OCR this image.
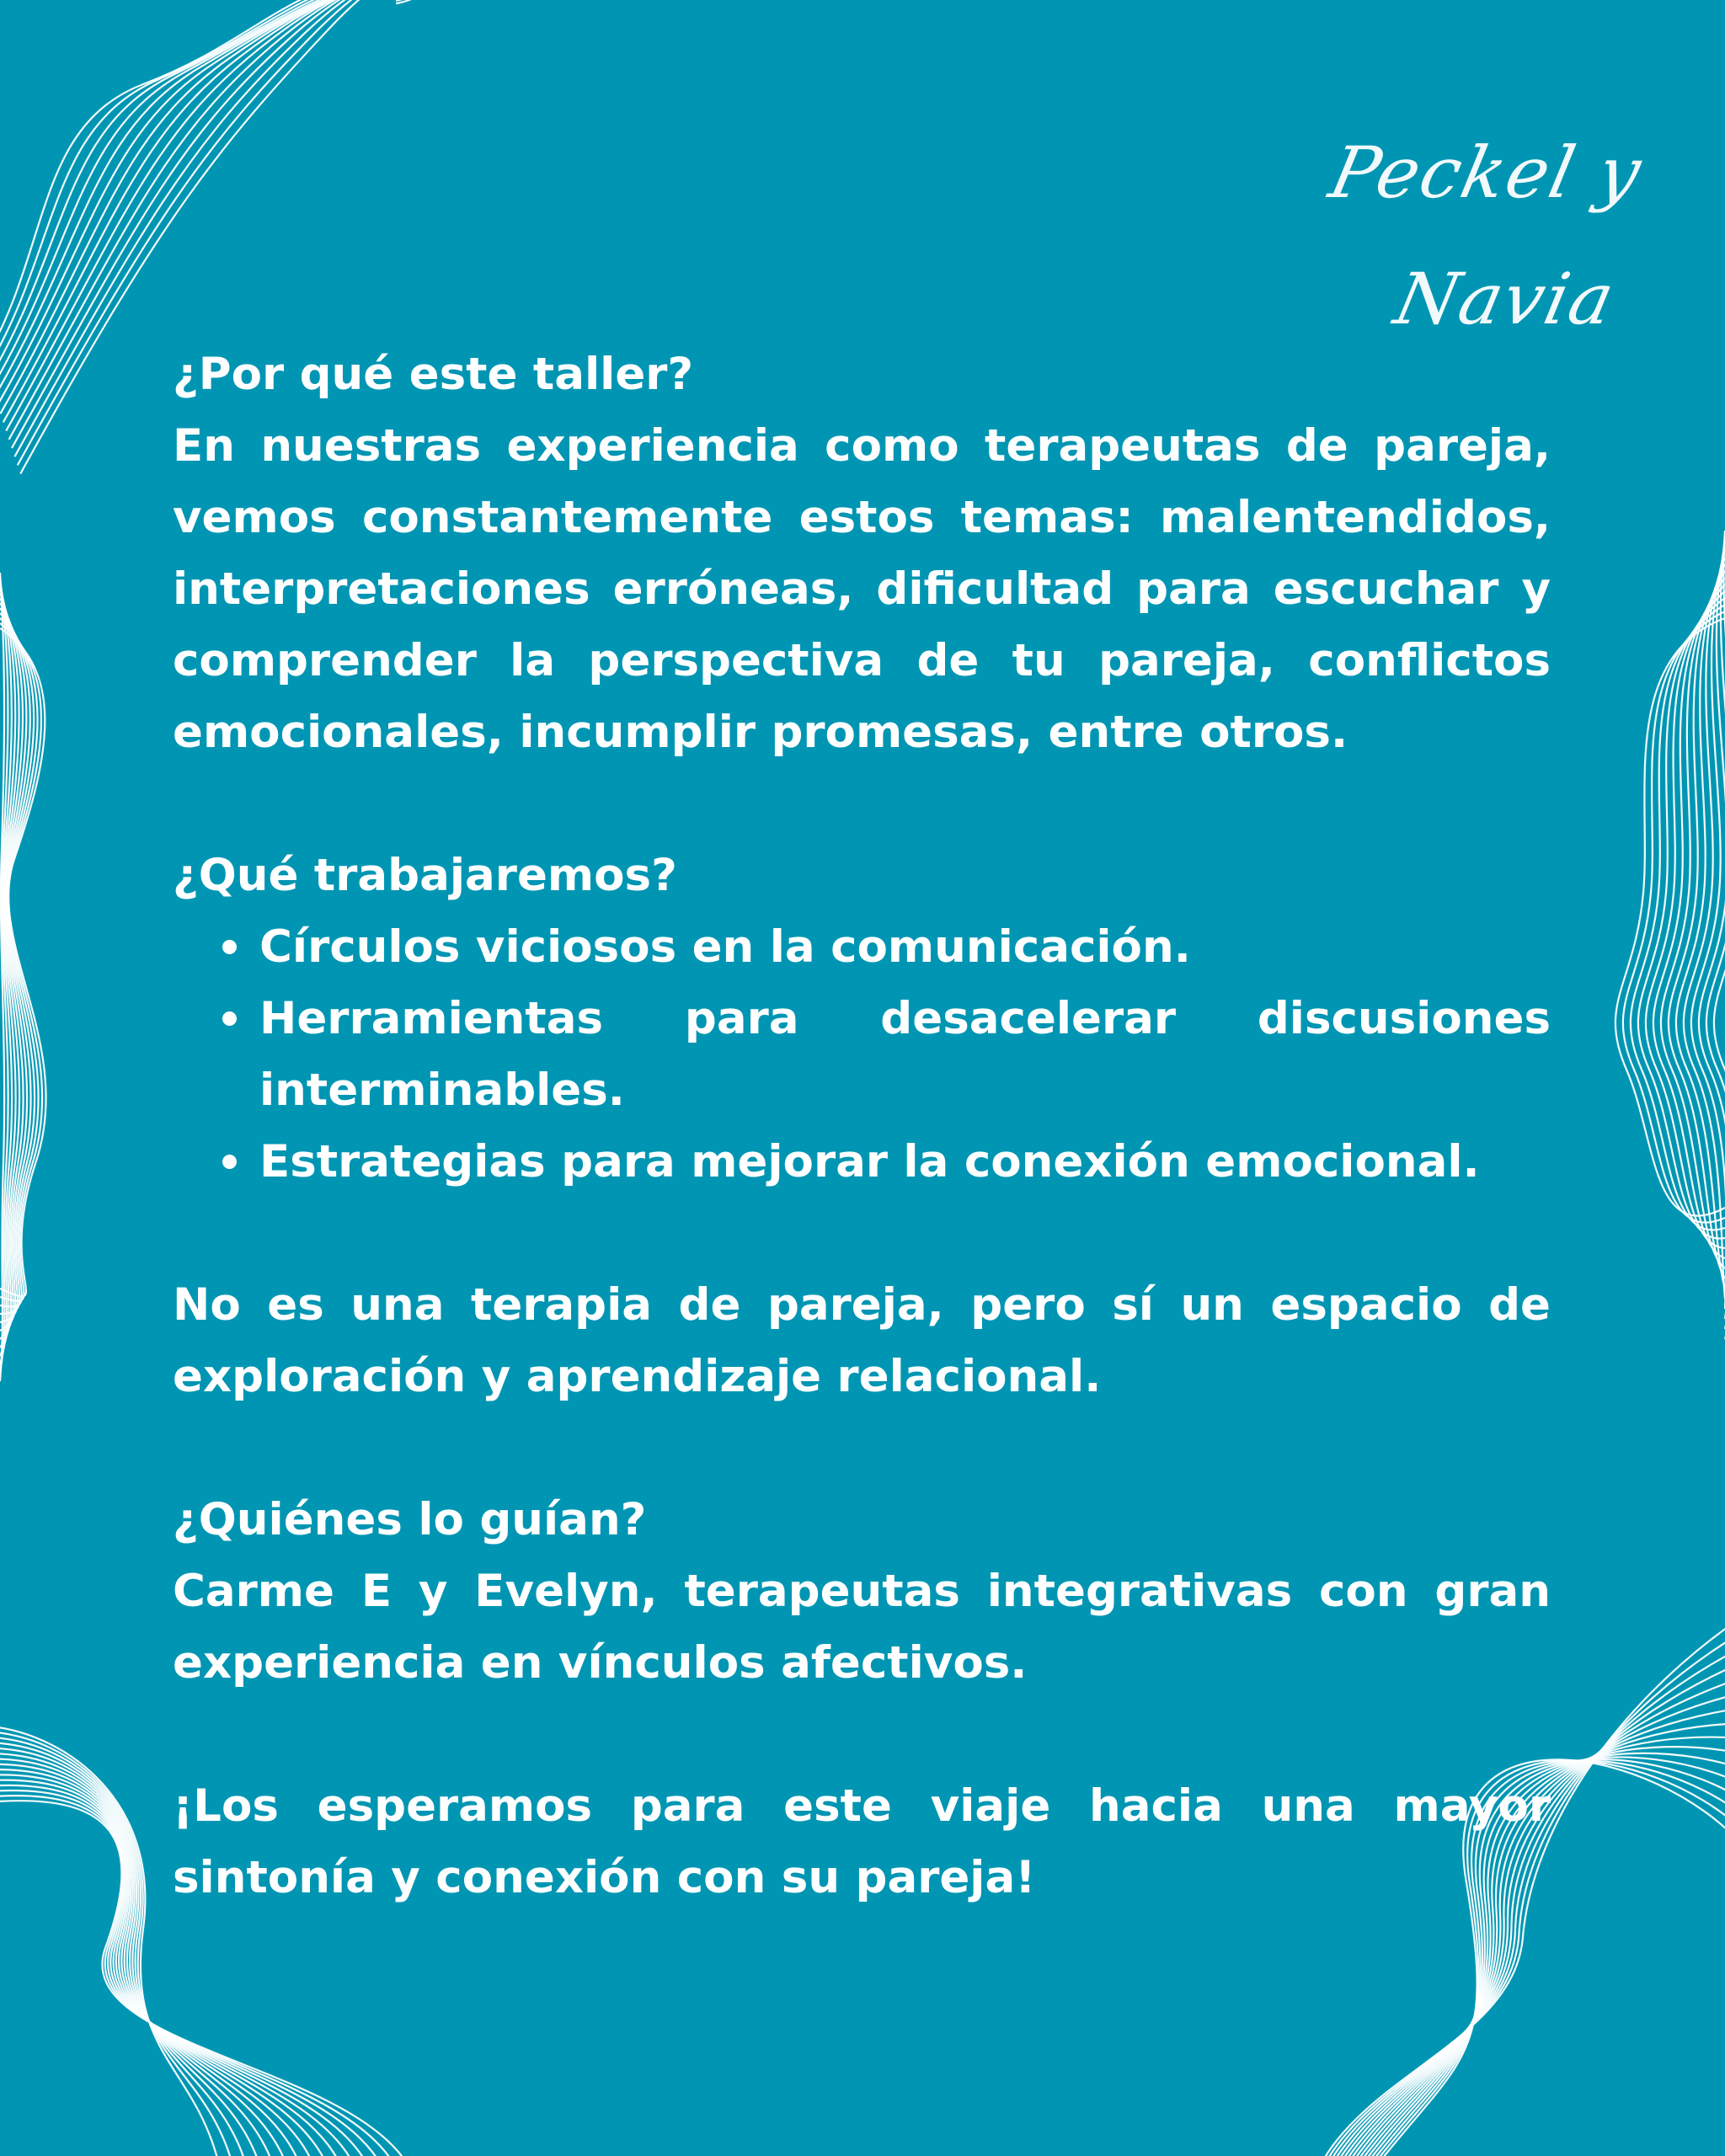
Peckel y Navia
¿Por qué este taller?

En nuestras experiencia como terapeutas de pareja, vemos constantemente estos temas: malentendidos, interpretaciones erróneas, dificultad para escuchar y comprender la perspectiva de tu pareja, conflictos emocionales, incumplir promesas, entre otros.

¿Qué trabajaremos?
Círculos viciosos en la comunicación.
Herramientas para desacelerar discusiones interminables.
Estrategias para mejorar la conexión emocional.

No es una terapia de pareja, pero sí un espacio de exploración y aprendizaje relacional.

¿Quiénes lo guían?

Carme E y Evelyn, terapeutas integrativas con gran experiencia en vínculos afectivos.

¡Los esperamos para este viaje hacia una mayor sintonía y conexión con su pareja!
